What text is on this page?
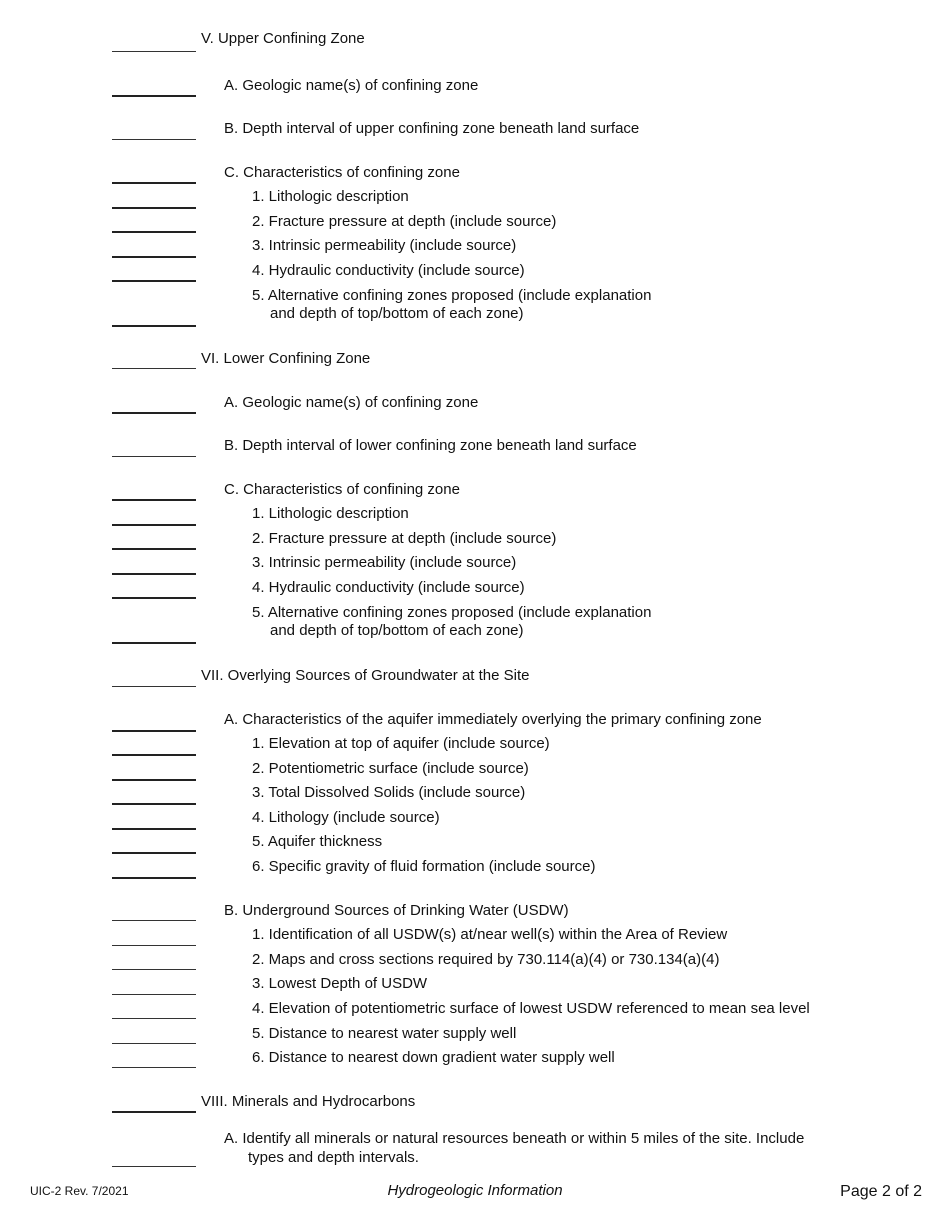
V. Upper Confining Zone
A. Geologic name(s) of confining zone
B. Depth interval of upper confining zone beneath land surface
C. Characteristics of confining zone
1. Lithologic description
2. Fracture pressure at depth (include source)
3. Intrinsic permeability (include source)
4. Hydraulic conductivity (include source)
5. Alternative confining zones proposed (include explanation
and depth of top/bottom of each zone)
VI. Lower Confining Zone
A. Geologic name(s) of confining zone
B. Depth interval of lower confining zone beneath land surface
C. Characteristics of confining zone
1. Lithologic description
2. Fracture pressure at depth (include source)
3. Intrinsic permeability (include source)
4. Hydraulic conductivity (include source)
5. Alternative confining zones proposed (include explanation
and depth of top/bottom of each zone)
VII. Overlying Sources of Groundwater at the Site
A. Characteristics of the aquifer immediately overlying the primary confining zone
1. Elevation at top of aquifer (include source)
2. Potentiometric surface (include source)
3. Total Dissolved Solids (include source)
4. Lithology (include source)
5. Aquifer thickness
6. Specific gravity of fluid formation (include source)
B. Underground Sources of Drinking Water (USDW)
1. Identification of all USDW(s) at/near well(s) within the Area of Review
2. Maps and cross sections required by 730.114(a)(4) or 730.134(a)(4)
3. Lowest Depth of USDW
4. Elevation of potentiometric surface of lowest USDW referenced to mean sea level
5. Distance to nearest water supply well
6. Distance to nearest down gradient water supply well
VIII. Minerals and Hydrocarbons
A. Identify all minerals or natural resources beneath or within 5 miles of the site. Include
types and depth intervals.
UIC-2 Rev. 7/2021	Hydrogeologic Information	Page 2 of 2
